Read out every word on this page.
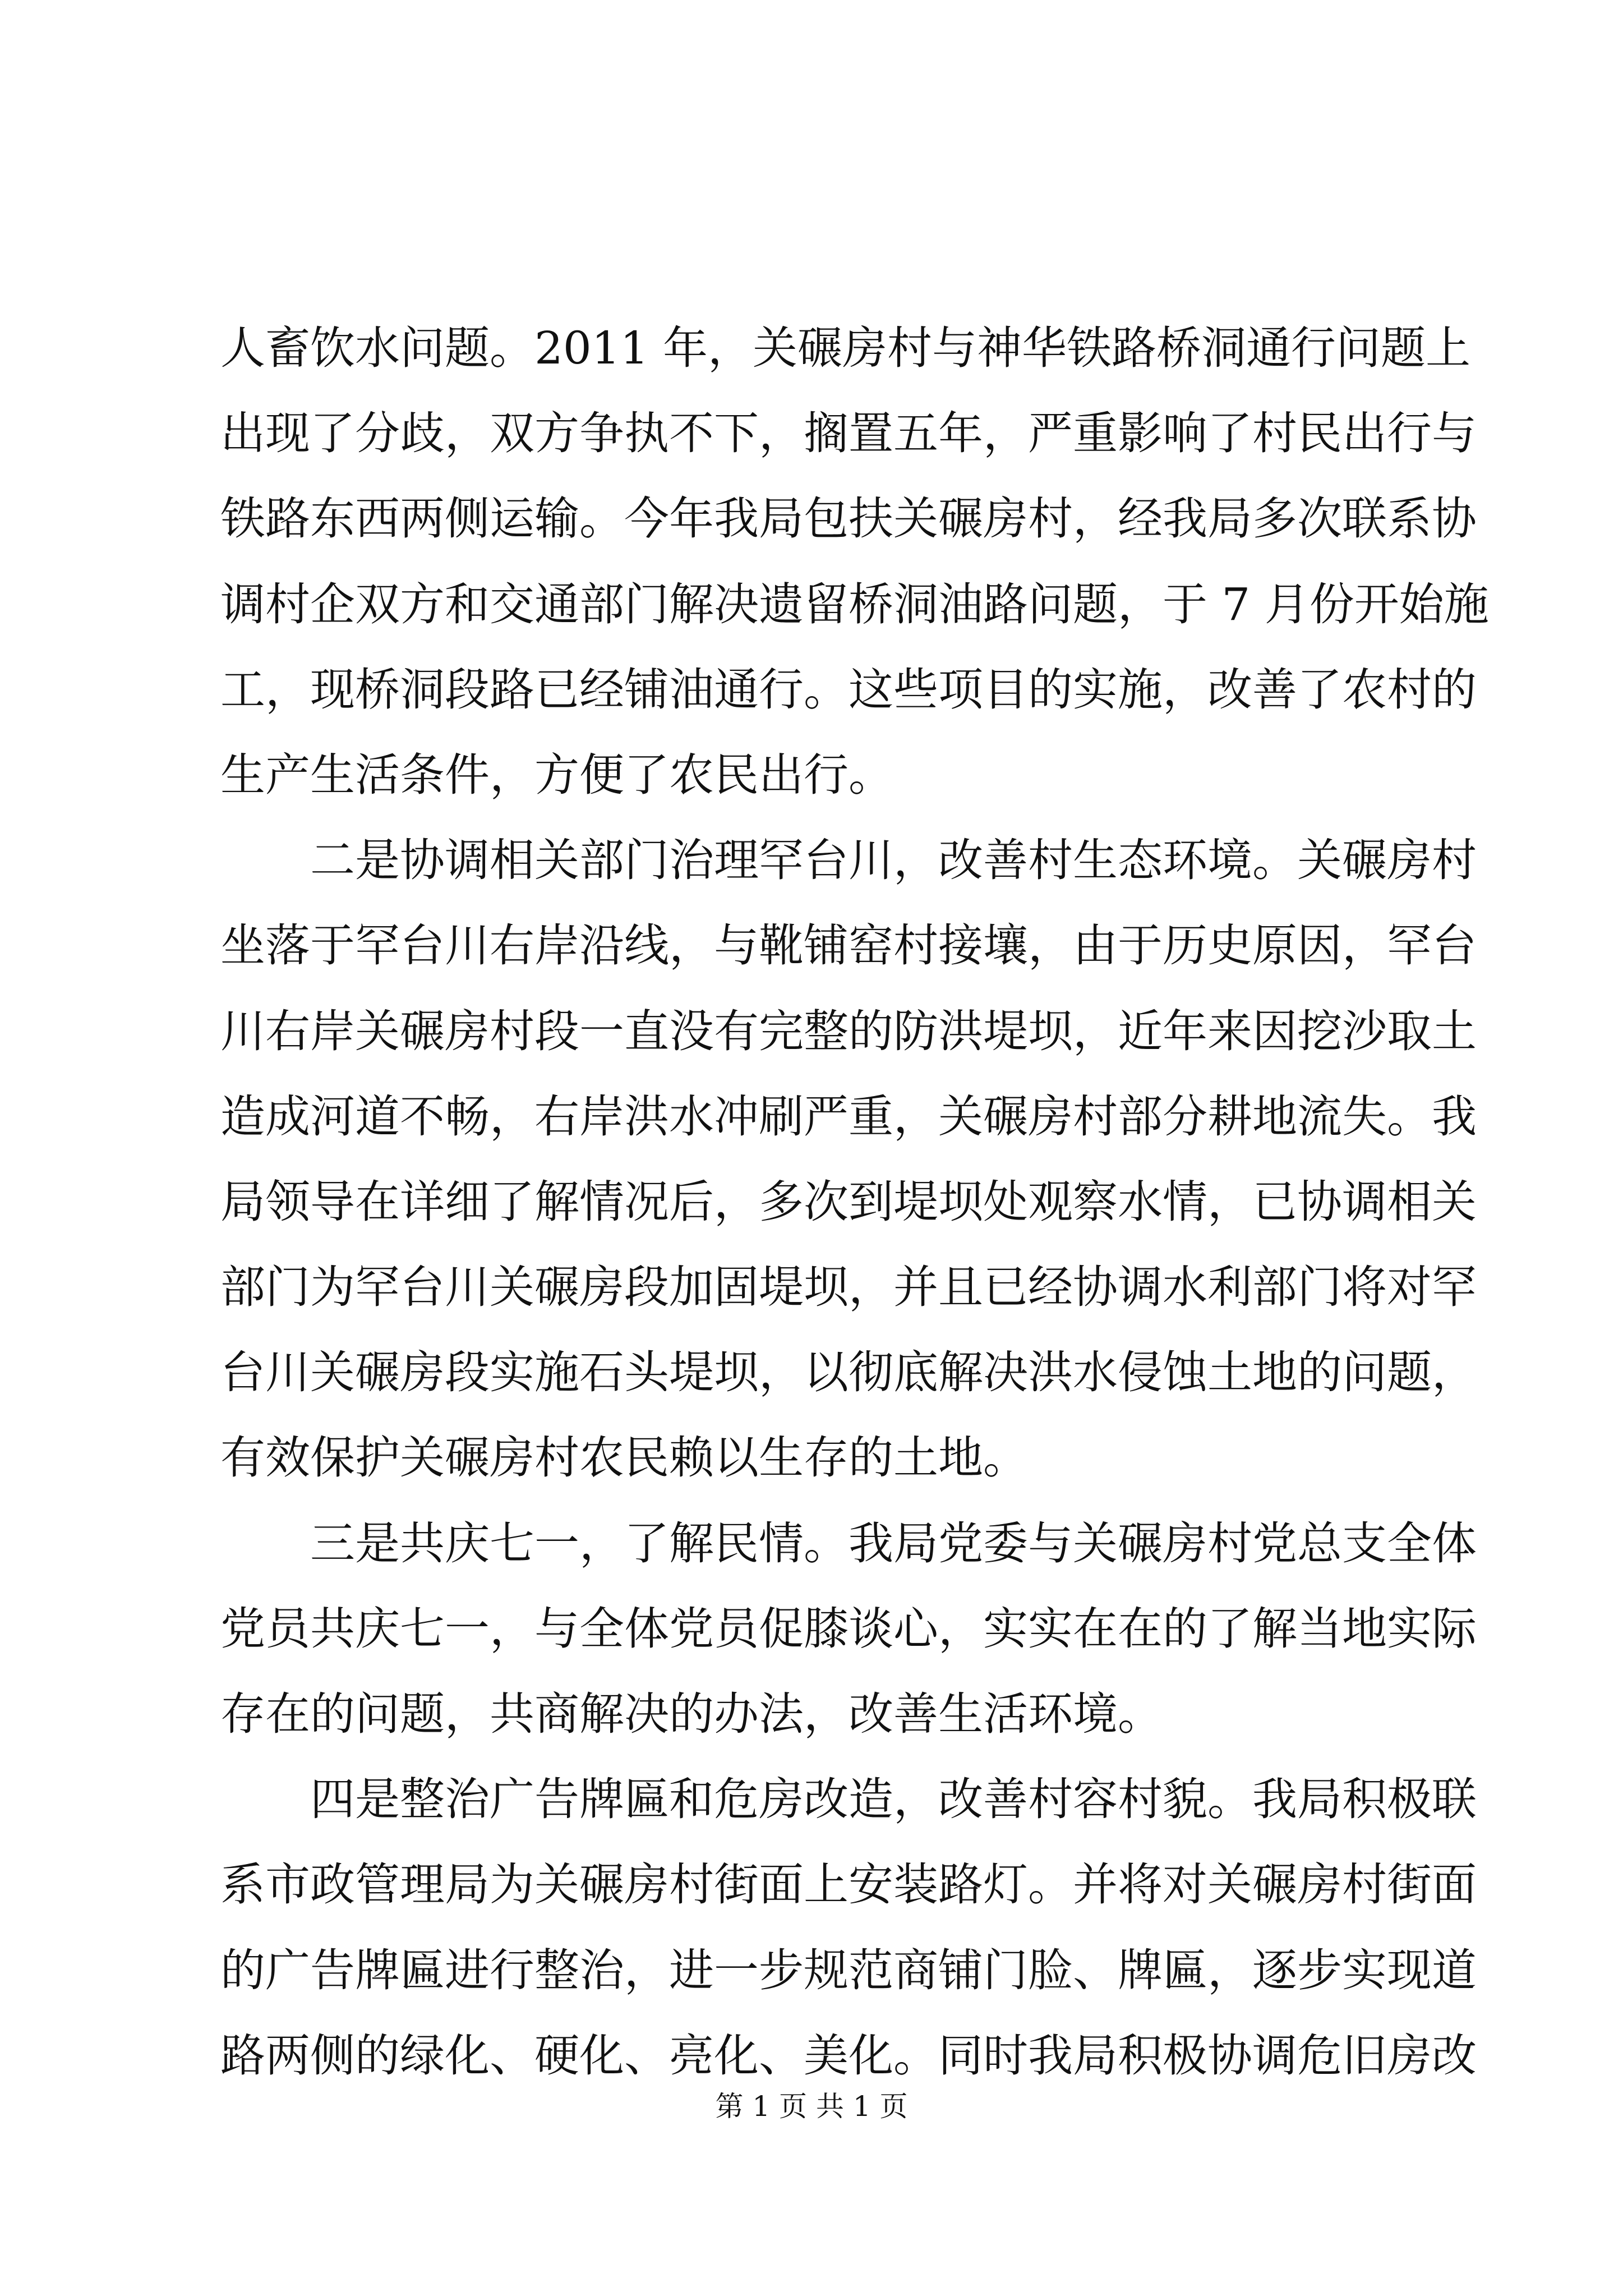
人畜饮水问题。2011 年，关碾房村与神华铁路桥洞通行问题上
出现了分歧，双方争执不下，搁置五年，严重影响了村民出行与
铁路东西两侧运输。今年我局包扶关碾房村，经我局多次联系协
调村企双方和交通部门解决遗留桥洞油路问题，于 7 月份开始施
工，现桥洞段路已经铺油通行。这些项目的实施，改善了农村的
生产生活条件，方便了农民出行。
二是协调相关部门治理罕台川，改善村生态环境。关碾房村
坐落于罕台川右岸沿线，与靴铺窑村接壤，由于历史原因，罕台
川右岸关碾房村段一直没有完整的防洪堤坝，近年来因挖沙取土
造成河道不畅，右岸洪水冲刷严重，关碾房村部分耕地流失。我
局领导在详细了解情况后，多次到堤坝处观察水情，已协调相关
部门为罕台川关碾房段加固堤坝，并且已经协调水利部门将对罕
台川关碾房段实施石头堤坝，以彻底解决洪水侵蚀土地的问题，
有效保护关碾房村农民赖以生存的土地。
三是共庆七一，了解民情。我局党委与关碾房村党总支全体
党员共庆七一，与全体党员促膝谈心，实实在在的了解当地实际
存在的问题，共商解决的办法，改善生活环境。
四是整治广告牌匾和危房改造，改善村容村貌。我局积极联
系市政管理局为关碾房村街面上安装路灯。并将对关碾房村街面
的广告牌匾进行整治，进一步规范商铺门脸、牌匾，逐步实现道
路两侧的绿化、硬化、亮化、美化。同时我局积极协调危旧房改
第 1 页 共 1 页
